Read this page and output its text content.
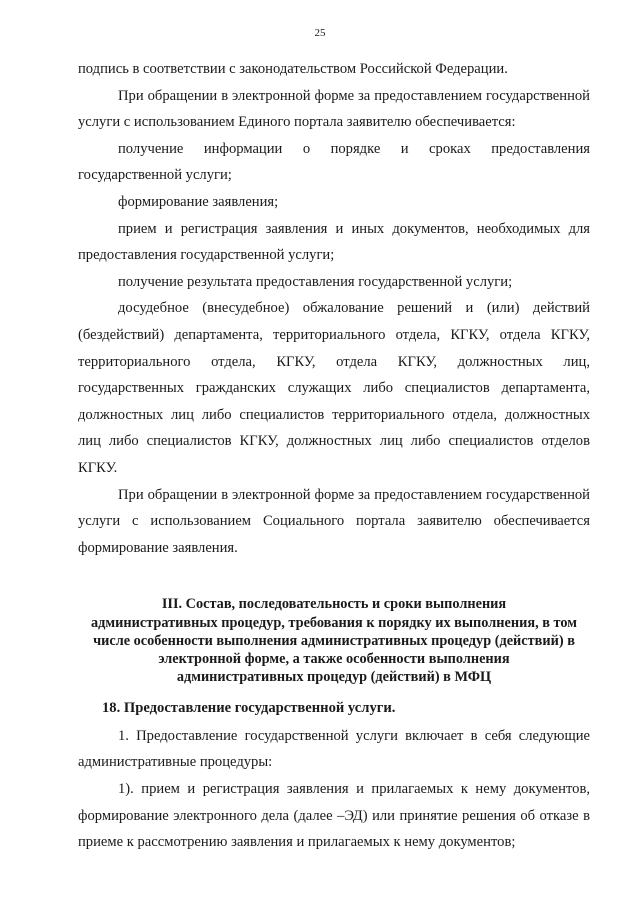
25

подпись в соответствии с законодательством Российской Федерации.

При обращении в электронной форме за предоставлением государственной услуги с использованием Единого портала заявителю обеспечивается:

получение информации о порядке и сроках предоставления государственной услуги;

формирование заявления;

прием и регистрация заявления и иных документов, необходимых для предоставления государственной услуги;

получение результата предоставления государственной услуги;

досудебное (внесудебное) обжалование решений и (или) действий (бездействий) департамента, территориального отдела, КГКУ, отдела КГКУ, территориального отдела, КГКУ, отдела КГКУ, должностных лиц, государственных гражданских служащих либо специалистов департамента, должностных лиц либо специалистов территориального отдела, должностных лиц либо специалистов КГКУ, должностных лиц либо специалистов отделов КГКУ.

При обращении в электронной форме за предоставлением государственной услуги с использованием Социального портала заявителю обеспечивается формирование заявления.

III. Состав, последовательность и сроки выполнения
административных процедур, требования к порядку их выполнения, в том
числе особенности выполнения административных процедур (действий) в
электронной форме, а также особенности выполнения
административных процедур (действий) в МФЦ
18. Предоставление государственной услуги.

1. Предоставление государственной услуги включает в себя следующие административные процедуры:

1). прием и регистрация заявления и прилагаемых к нему документов, формирование электронного дела (далее –ЭД) или принятие решения об отказе в приеме к рассмотрению заявления и прилагаемых к нему документов;
